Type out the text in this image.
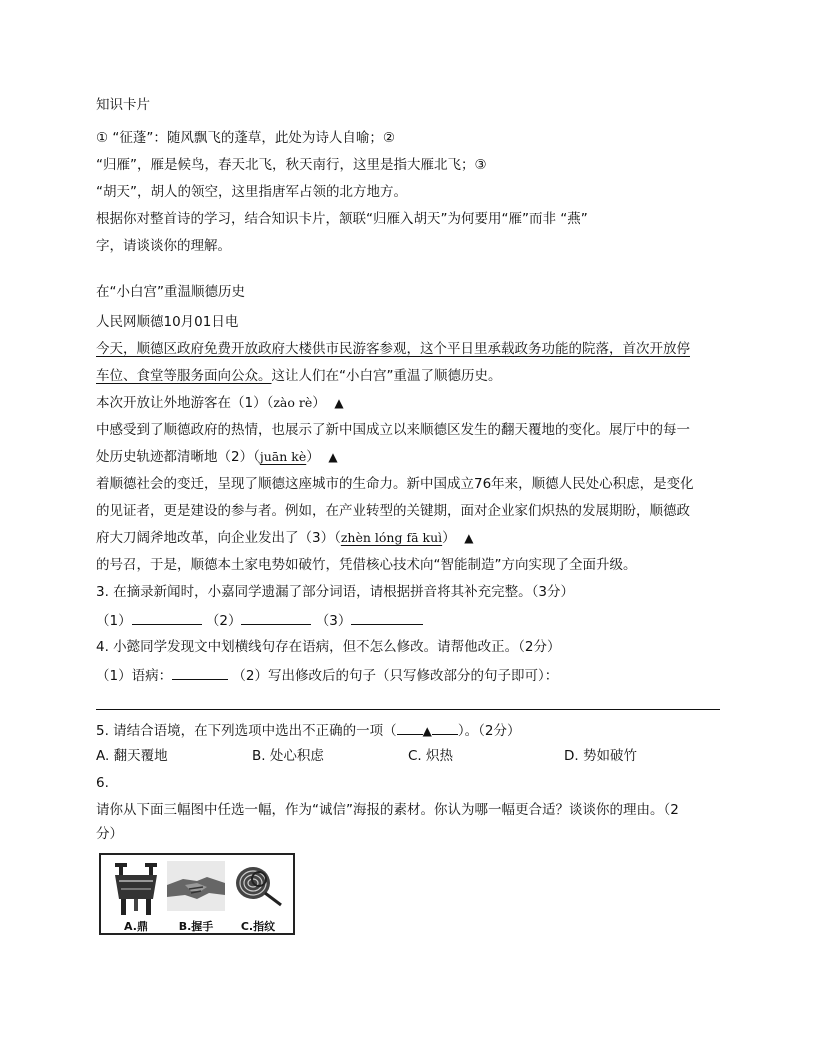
知识卡片
① “征蓬”：随风飘飞的蓬草，此处为诗人自喻；②
“归雁”，雁是候鸟，春天北飞，秋天南行，这里是指大雁北飞；③
“胡天”，胡人的领空，这里指唐军占领的北方地方。
根据你对整首诗的学习，结合知识卡片，颔联“归雁入胡天”为何要用“雁”而非 “燕”
字，请谈谈你的理解。
在“小白宫”重温顺德历史
人民网顺德10月01日电
今天，顺德区政府免费开放政府大楼供市民游客参观，这个平日里承载政务功能的院落，首次开放停
车位、食堂等服务面向公众。这让人们在“小白宫”重温了顺德历史。
本次开放让外地游客在（1）（zào rè） ▲
中感受到了顺德政府的热情，也展示了新中国成立以来顺德区发生的翻天覆地的变化。展厅中的每一
处历史轨迹都清晰地（2）（juān kè） ▲
着顺德社会的变迁，呈现了顺德这座城市的生命力。新中国成立76年来，顺德人民处心积虑，是变化
的见证者，更是建设的参与者。例如，在产业转型的关键期，面对企业家们炽热的发展期盼，顺德政
府大刀阔斧地改革，向企业发出了（3）（zhèn lóng fā kuì） ▲
的号召，于是，顺德本土家电势如破竹，凭借核心技术向“智能制造”方向实现了全面升级。
3. 在摘录新闻时，小嘉同学遗漏了部分词语，请根据拼音将其补充完整。（3分）
（1）	（2）	（3）
4. 小懿同学发现文中划横线句存在语病，但不怎么修改。请帮他改正。（2分）
（1）语病：	（2）写出修改后的句子（只写修改部分的句子即可）：
5. 请结合语境，在下列选项中选出不正确的一项（ ▲ ）。（2分）
A. 翻天覆地	B. 处心积虑	C. 炽热	D. 势如破竹
6.
请你从下面三幅图中任选一幅，作为“诚信”海报的素材。你认为哪一幅更合适？谈谈你的理由。（2
分）
A.鼎	B.握手	C.指纹
